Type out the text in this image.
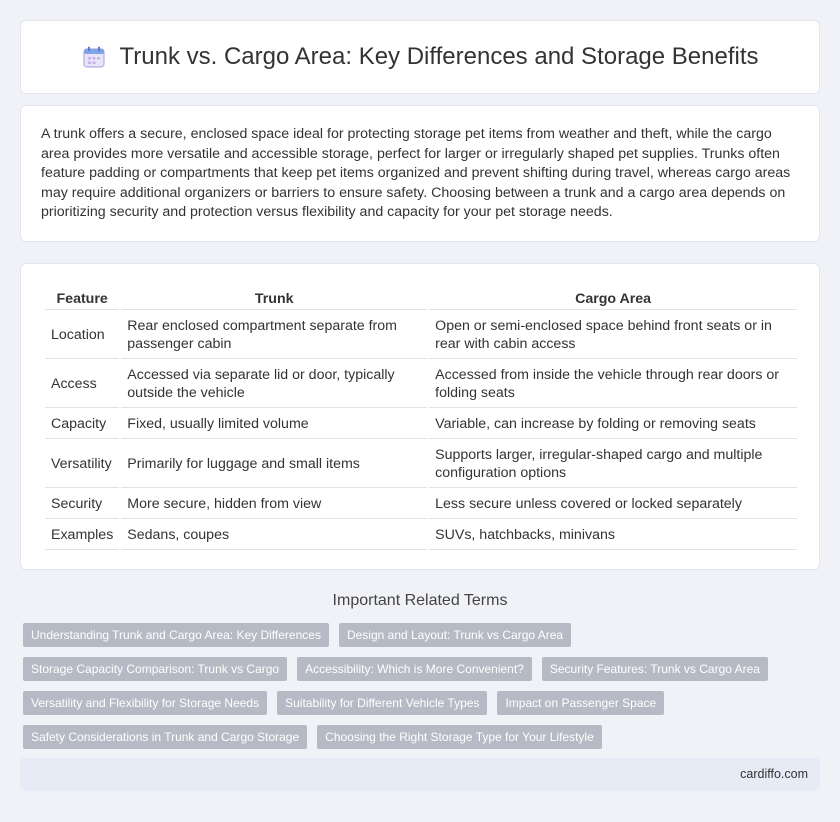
Trunk vs. Cargo Area: Key Differences and Storage Benefits

A trunk offers a secure, enclosed space ideal for protecting storage pet items from weather and theft, while the cargo area provides more versatile and accessible storage, perfect for larger or irregularly shaped pet supplies. Trunks often feature padding or compartments that keep pet items organized and prevent shifting during travel, whereas cargo areas may require additional organizers or barriers to ensure safety. Choosing between a trunk and a cargo area depends on prioritizing security and protection versus flexibility and capacity for your pet storage needs.

Feature	Trunk	Cargo Area
Location	Rear enclosed compartment separate from passenger cabin	Open or semi-enclosed space behind front seats or in rear with cabin access
Access	Accessed via separate lid or door, typically outside the vehicle	Accessed from inside the vehicle through rear doors or folding seats
Capacity	Fixed, usually limited volume	Variable, can increase by folding or removing seats
Versatility	Primarily for luggage and small items	Supports larger, irregular-shaped cargo and multiple configuration options
Security	More secure, hidden from view	Less secure unless covered or locked separately
Examples	Sedans, coupes	SUVs, hatchbacks, minivans
Important Related Terms
Understanding Trunk and Cargo Area: Key Differences	Design and Layout: Trunk vs Cargo Area
Storage Capacity Comparison: Trunk vs Cargo	Accessibility: Which is More Convenient?	Security Features: Trunk vs Cargo Area
Versatility and Flexibility for Storage Needs	Suitability for Different Vehicle Types	Impact on Passenger Space
Safety Considerations in Trunk and Cargo Storage	Choosing the Right Storage Type for Your Lifestyle
cardiffo.com
